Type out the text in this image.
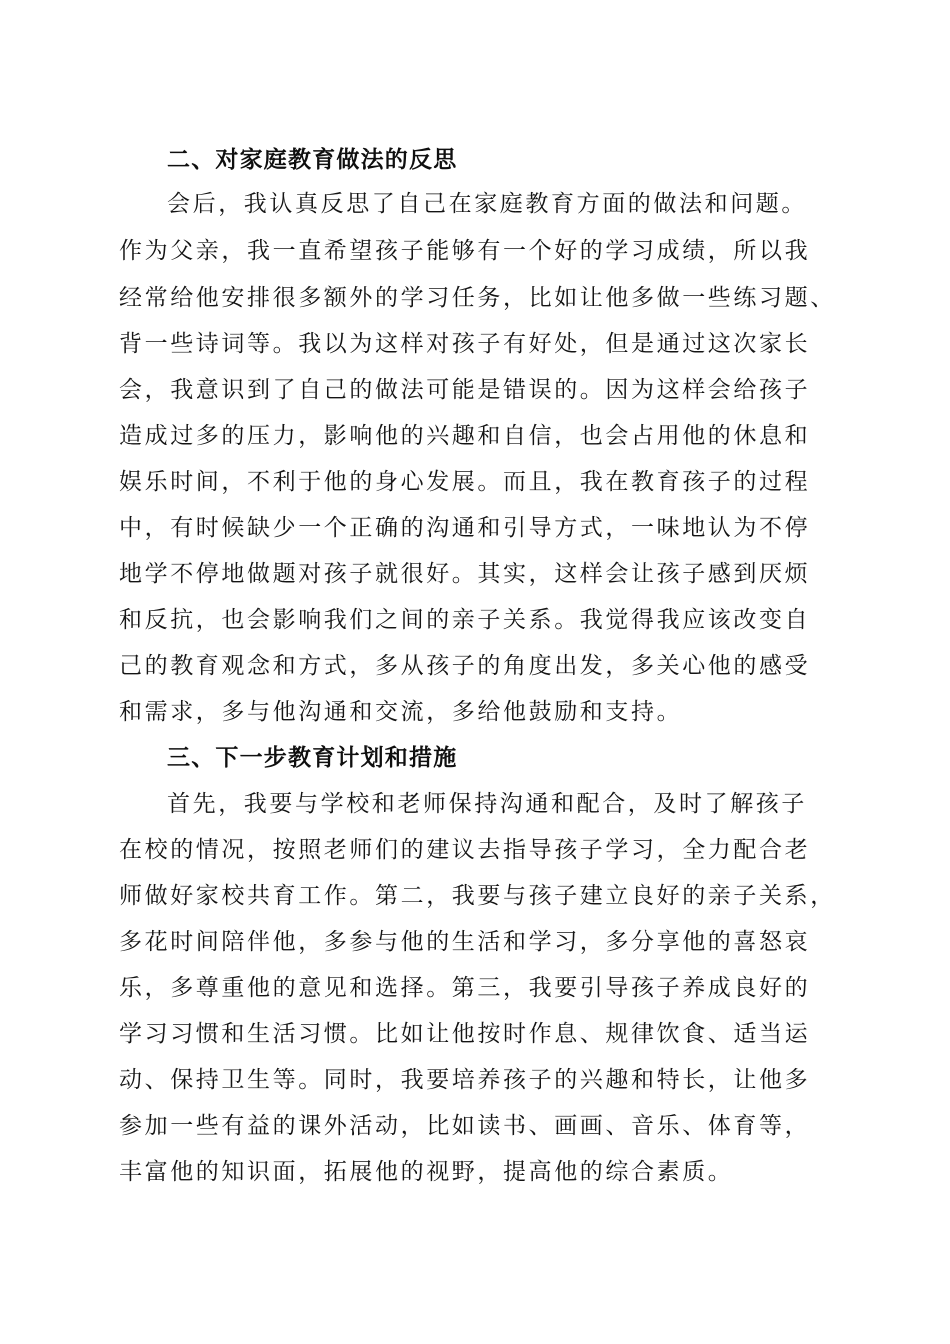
二、对家庭教育做法的反思
会后，我认真反思了自己在家庭教育方面的做法和问题。
作为父亲，我一直希望孩子能够有一个好的学习成绩，所以我
经常给他安排很多额外的学习任务，比如让他多做一些练习题、
背一些诗词等。我以为这样对孩子有好处，但是通过这次家长
会，我意识到了自己的做法可能是错误的。因为这样会给孩子
造成过多的压力，影响他的兴趣和自信，也会占用他的休息和
娱乐时间，不利于他的身心发展。而且，我在教育孩子的过程
中，有时候缺少一个正确的沟通和引导方式，一味地认为不停
地学不停地做题对孩子就很好。其实，这样会让孩子感到厌烦
和反抗，也会影响我们之间的亲子关系。我觉得我应该改变自
己的教育观念和方式，多从孩子的角度出发，多关心他的感受
和需求，多与他沟通和交流，多给他鼓励和支持。
三、下一步教育计划和措施
首先，我要与学校和老师保持沟通和配合，及时了解孩子
在校的情况，按照老师们的建议去指导孩子学习，全力配合老
师做好家校共育工作。第二，我要与孩子建立良好的亲子关系，
多花时间陪伴他，多参与他的生活和学习，多分享他的喜怒哀
乐，多尊重他的意见和选择。第三，我要引导孩子养成良好的
学习习惯和生活习惯。比如让他按时作息、规律饮食、适当运
动、保持卫生等。同时，我要培养孩子的兴趣和特长，让他多
参加一些有益的课外活动，比如读书、画画、音乐、体育等，
丰富他的知识面，拓展他的视野，提高他的综合素质。
